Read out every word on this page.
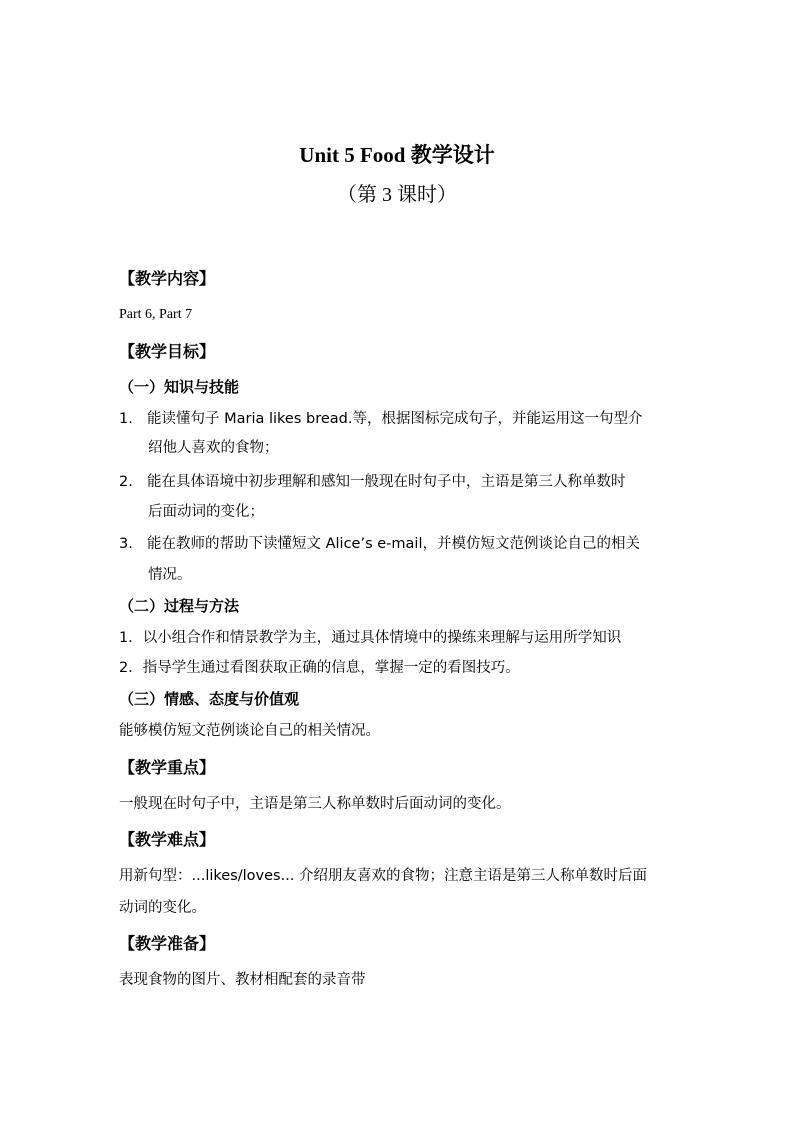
Unit 5 Food 教学设计
（第 3 课时）
【教学内容】
Part 6, Part 7
【教学目标】
（一）知识与技能
1. 能读懂句子 Maria likes bread.等，根据图标完成句子，并能运用这一句型介
绍他人喜欢的食物；
2. 能在具体语境中初步理解和感知一般现在时句子中，主语是第三人称单数时
后面动词的变化；
3. 能在教师的帮助下读懂短文 Alice’s e-mail，并模仿短文范例谈论自己的相关
情况。
（二）过程与方法
1．以小组合作和情景教学为主，通过具体情境中的操练来理解与运用所学知识
2．指导学生通过看图获取正确的信息，掌握一定的看图技巧。
（三）情感、态度与价值观
能够模仿短文范例谈论自己的相关情况。
【教学重点】
一般现在时句子中，主语是第三人称单数时后面动词的变化。
【教学难点】
用新句型：...likes/loves... 介绍朋友喜欢的食物；注意主语是第三人称单数时后面
动词的变化。
【教学准备】
表现食物的图片、教材相配套的录音带
